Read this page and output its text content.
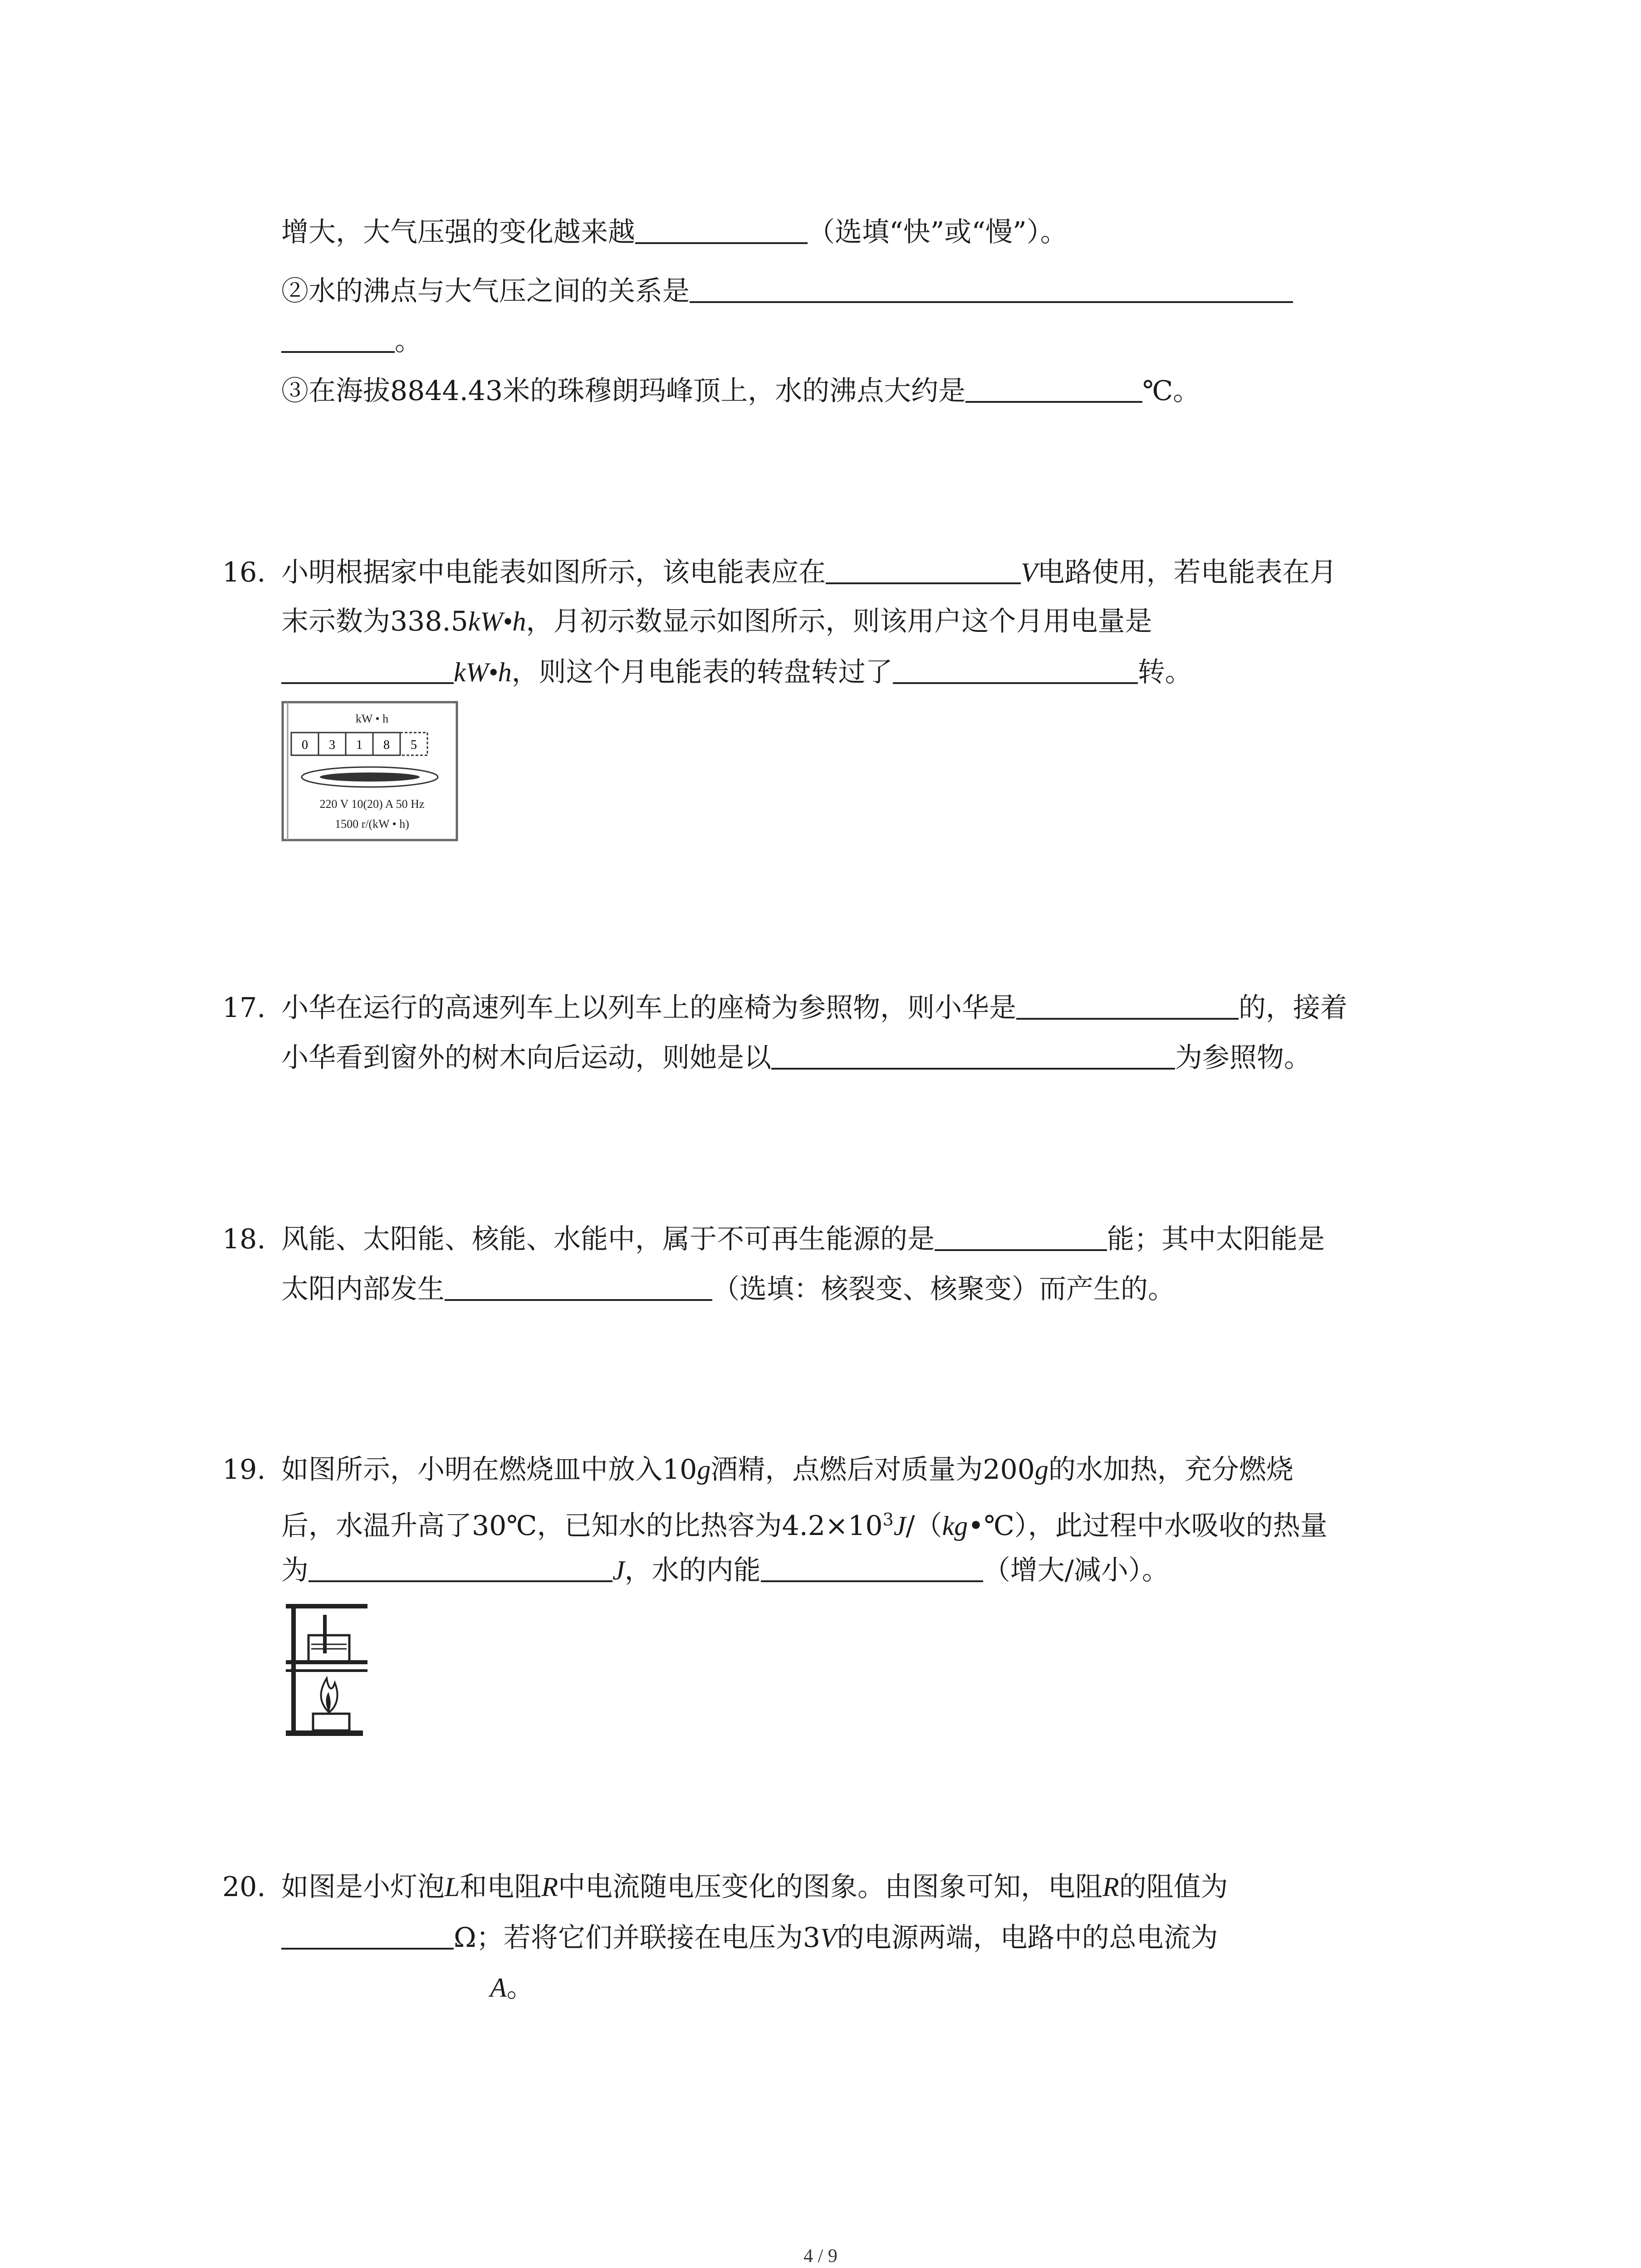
增大，大气压强的变化越来越	（选填“快”或“慢”）。
②水的沸点与大气压之间的关系是
。
③在海拔8844.43米的珠穆朗玛峰顶上，水的沸点大约是	℃。
16. 小明根据家中电能表如图所示，该电能表应在	V电路使用，若电能表在月
末示数为338.5kW•h，月初示数显示如图所示，则该用户这个月用电量是
kW•h，则这个月电能表的转盘转过了	转。
kW • h
0 3 1 8 5
220 V 10(20) A 50 Hz
1500 r/(kW • h)
17. 小华在运行的高速列车上以列车上的座椅为参照物，则小华是	的，接着
小华看到窗外的树木向后运动，则她是以	为参照物。
18. 风能、太阳能、核能、水能中，属于不可再生能源的是	能；其中太阳能是
太阳内部发生	（选填：核裂变、核聚变）而产生的。
19. 如图所示，小明在燃烧皿中放入10g酒精，点燃后对质量为200g的水加热，充分燃烧
后，水温升高了30℃，已知水的比热容为$4.2\times 10^3J/(kg•℃)$，此过程中水吸收的热量
为	J，水的内能	（增大/减小）。
20. 如图是小灯泡L和电阻R中电流随电压变化的图象。由图象可知，电阻R的阻值为
Ω；若将它们并联接在电压为3V的电源两端，电路中的总电流为
A。
4 / 9
